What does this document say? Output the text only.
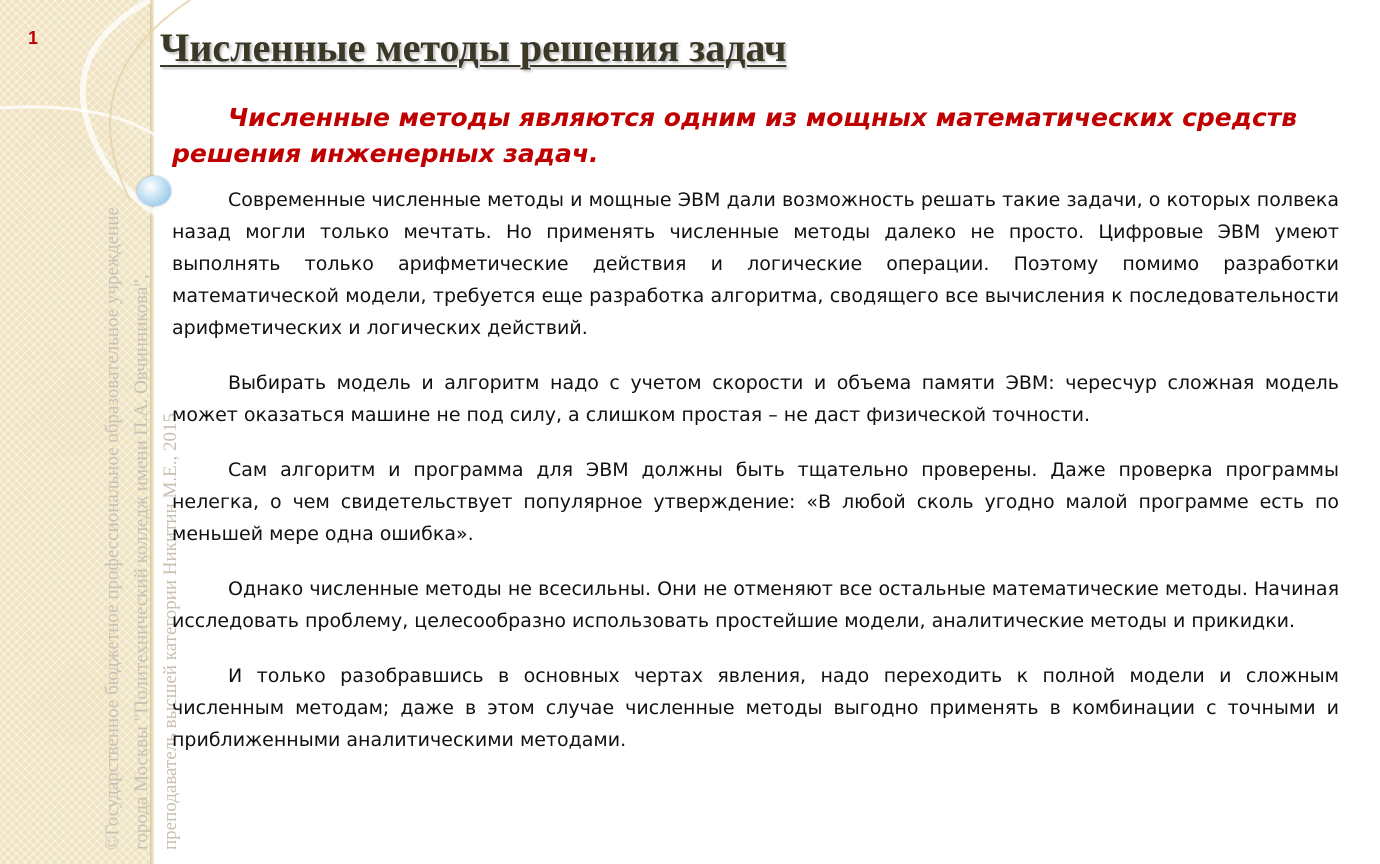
1
©Государственное бюджетное профессиональное образовательное учреждение города Москвы "Политехнический колледж имени П.А. Овчинникова", преподаватель высшей категории Никитин М.Е., 2015
Численные методы решения задач

Численные методы являются одним из мощных математических средств решения инженерных задач.

Современные численные методы и мощные ЭВМ дали возможность решать такие задачи, о которых полвека назад могли только мечтать. Но применять численные методы далеко не просто. Цифровые ЭВМ умеют выполнять только арифметические действия и логические операции. Поэтому помимо разработки математической модели, требуется еще разработка алгоритма, сводящего все вычисления к последовательности арифметических и логических действий.

Выбирать модель и алгоритм надо с учетом скорости и объема памяти ЭВМ: чересчур сложная модель может оказаться машине не под силу, а слишком простая – не даст физической точности.

Сам алгоритм и программа для ЭВМ должны быть тщательно проверены. Даже проверка программы нелегка, о чем свидетельствует популярное утверждение: «В любой сколь угодно малой программе есть по меньшей мере одна ошибка».

Однако численные методы не всесильны. Они не отменяют все остальные математические методы. Начиная исследовать проблему, целесообразно использовать простейшие модели, аналитические методы и прикидки.

И только разобравшись в основных чертах явления, надо переходить к полной модели и сложным численным методам; даже в этом случае численные методы выгодно применять в комбинации с точными и приближенными аналитическими методами.
